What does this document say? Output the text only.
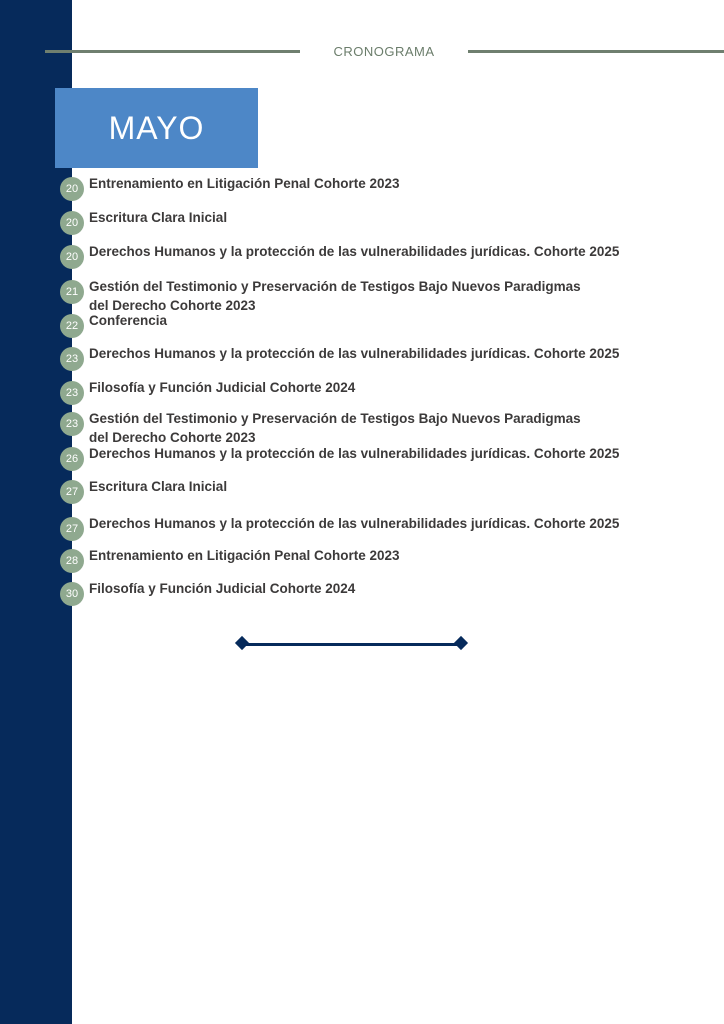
CRONOGRAMA
MAYO
20 Entrenamiento en Litigación Penal Cohorte 2023
20 Escritura Clara Inicial
20 Derechos Humanos y la protección de las vulnerabilidades jurídicas. Cohorte 2025
21 Gestión del Testimonio y Preservación de Testigos Bajo Nuevos Paradigmas
del Derecho Cohorte 2023
22 Conferencia
23 Derechos Humanos y la protección de las vulnerabilidades jurídicas. Cohorte 2025
23 Filosofía y Función Judicial Cohorte 2024
23 Gestión del Testimonio y Preservación de Testigos Bajo Nuevos Paradigmas
del Derecho Cohorte 2023
26 Derechos Humanos y la protección de las vulnerabilidades jurídicas. Cohorte 2025
27 Escritura Clara Inicial
27 Derechos Humanos y la protección de las vulnerabilidades jurídicas. Cohorte 2025
28 Entrenamiento en Litigación Penal Cohorte 2023
30 Filosofía y Función Judicial Cohorte 2024
